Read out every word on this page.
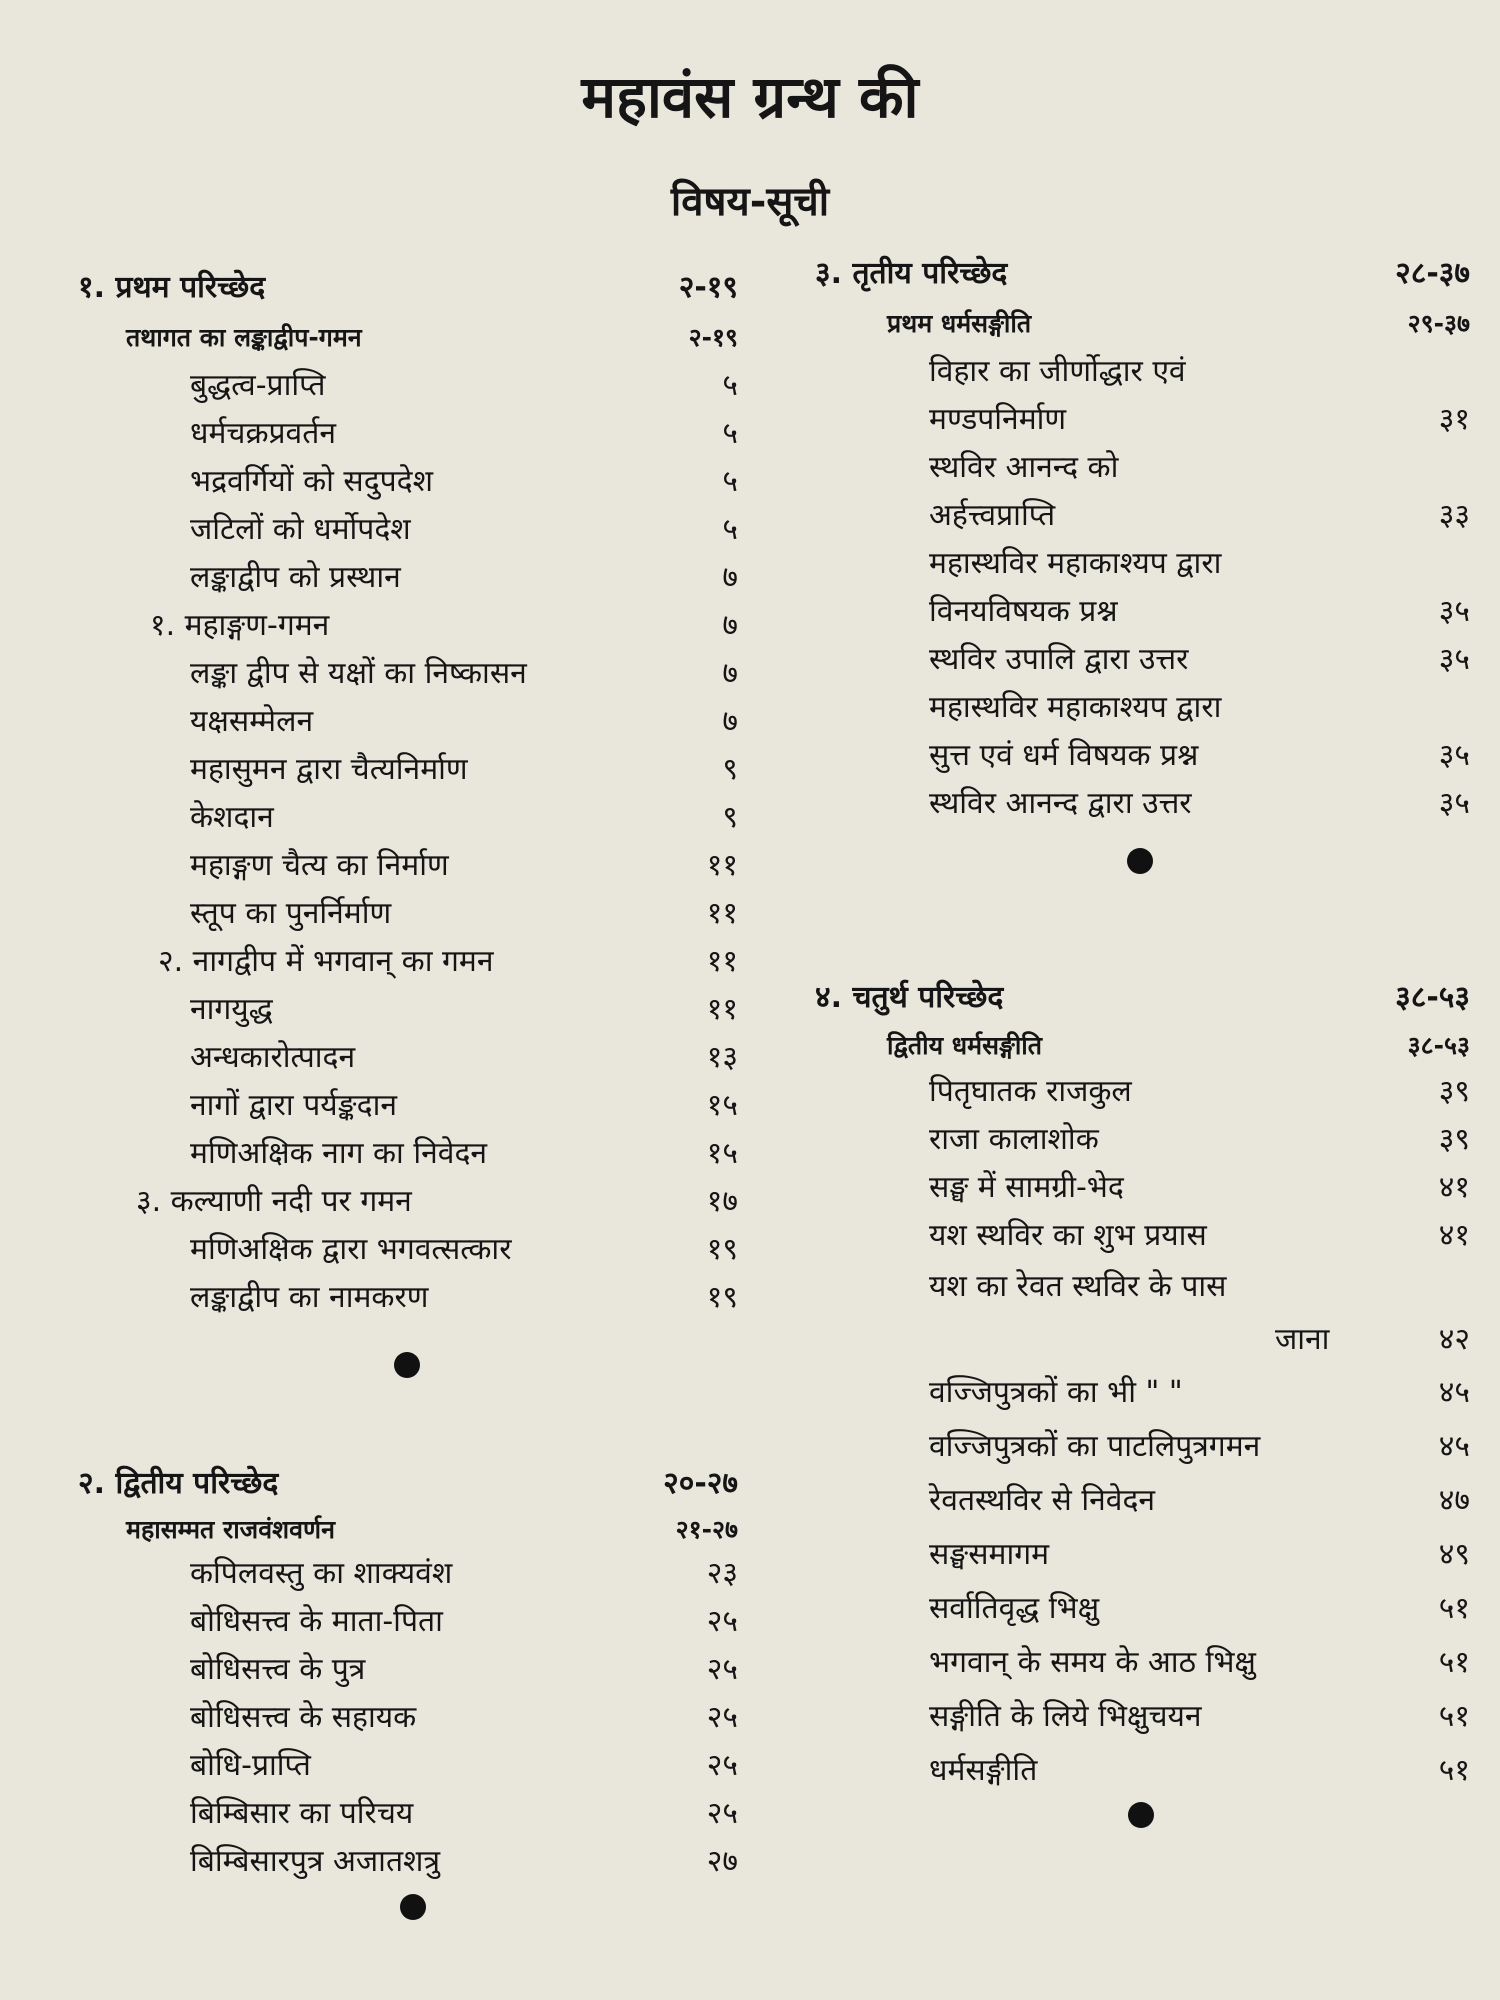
महावंस ग्रन्थ की
विषय-सूची
१. प्रथम परिच्छेद	२-१९
तथागत का लङ्काद्वीप-गमन	२-१९
बुद्धत्व-प्राप्ति	५
धर्मचक्रप्रवर्तन	५
भद्रवर्गियों को सदुपदेश	५
जटिलों को धर्मोपदेश	५
लङ्काद्वीप को प्रस्थान	७
१. महाङ्गण-गमन	७
लङ्का द्वीप से यक्षों का निष्कासन	७
यक्षसम्मेलन	७
महासुमन द्वारा चैत्यनिर्माण	९
केशदान	९
महाङ्गण चैत्य का निर्माण	११
स्तूप का पुनर्निर्माण	११
२. नागद्वीप में भगवान् का गमन	११
नागयुद्ध	११
अन्धकारोत्पादन	१३
नागों द्वारा पर्यङ्कदान	१५
मणिअक्षिक नाग का निवेदन	१५
३. कल्याणी नदी पर गमन	१७
मणिअक्षिक द्वारा भगवत्सत्कार	१९
लङ्काद्वीप का नामकरण	१९
२. द्वितीय परिच्छेद	२०-२७
महासम्मत राजवंशवर्णन	२१-२७
कपिलवस्तु का शाक्यवंश	२३
बोधिसत्त्व के माता-पिता	२५
बोधिसत्त्व के पुत्र	२५
बोधिसत्त्व के सहायक	२५
बोधि-प्राप्ति	२५
बिम्बिसार का परिचय	२५
बिम्बिसारपुत्र अजातशत्रु	२७
३. तृतीय परिच्छेद	२८-३७
प्रथम धर्मसङ्गीति	२९-३७
विहार का जीर्णोद्धार एवं
मण्डपनिर्माण	३१
स्थविर आनन्द को
अर्हत्त्वप्राप्ति	३३
महास्थविर महाकाश्यप द्वारा
विनयविषयक प्रश्न	३५
स्थविर उपालि द्वारा उत्तर	३५
महास्थविर महाकाश्यप द्वारा
सुत्त एवं धर्म विषयक प्रश्न	३५
स्थविर आनन्द द्वारा उत्तर	३५
४. चतुर्थ परिच्छेद	३८-५३
द्वितीय धर्मसङ्गीति	३८-५३
पितृघातक राजकुल	३९
राजा कालाशोक	३९
सङ्घ में सामग्री-भेद	४१
यश स्थविर का शुभ प्रयास	४१
यश का रेवत स्थविर के पास
जाना	४२
वज्जिपुत्रकों का भी " "	४५
वज्जिपुत्रकों का पाटलिपुत्रगमन	४५
रेवतस्थविर से निवेदन	४७
सङ्घसमागम	४९
सर्वातिवृद्ध भिक्षु	५१
भगवान् के समय के आठ भिक्षु	५१
सङ्गीति के लिये भिक्षुचयन	५१
धर्मसङ्गीति	५१
